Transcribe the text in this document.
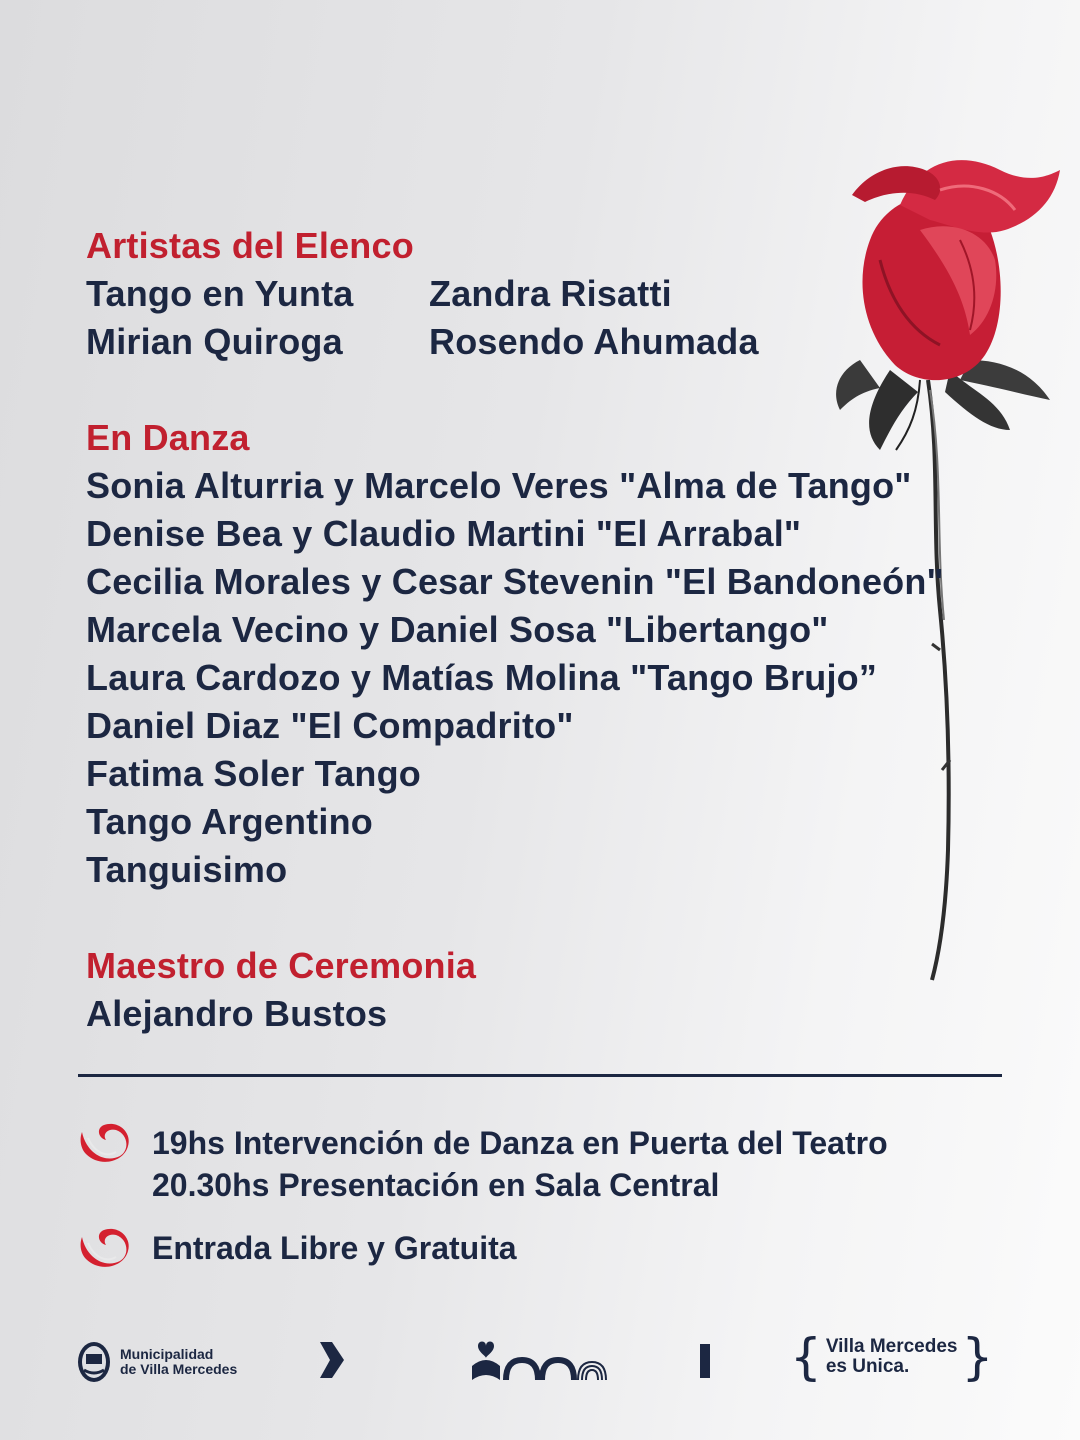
Artistas del Elenco
Tango en Yunta	Zandra Risatti
Mirian Quiroga	Rosendo Ahumada
En Danza
Sonia Alturria y Marcelo Veres "Alma de Tango"
Denise Bea y Claudio Martini "El Arrabal"
Cecilia Morales y Cesar Stevenin "El Bandoneón"
Marcela Vecino y Daniel Sosa "Libertango"
Laura Cardozo y Matías Molina "Tango Brujo”
Daniel Diaz "El Compadrito"
Fatima Soler Tango
Tango Argentino
Tanguisimo
Maestro de Ceremonia
Alejandro Bustos
19hs Intervención de Danza en Puerta del Teatro
20.30hs Presentación en Sala Central
Entrada Libre y Gratuita
Municipalidad
de Villa Mercedes	{ Villa Mercedes
es Unica.	}
